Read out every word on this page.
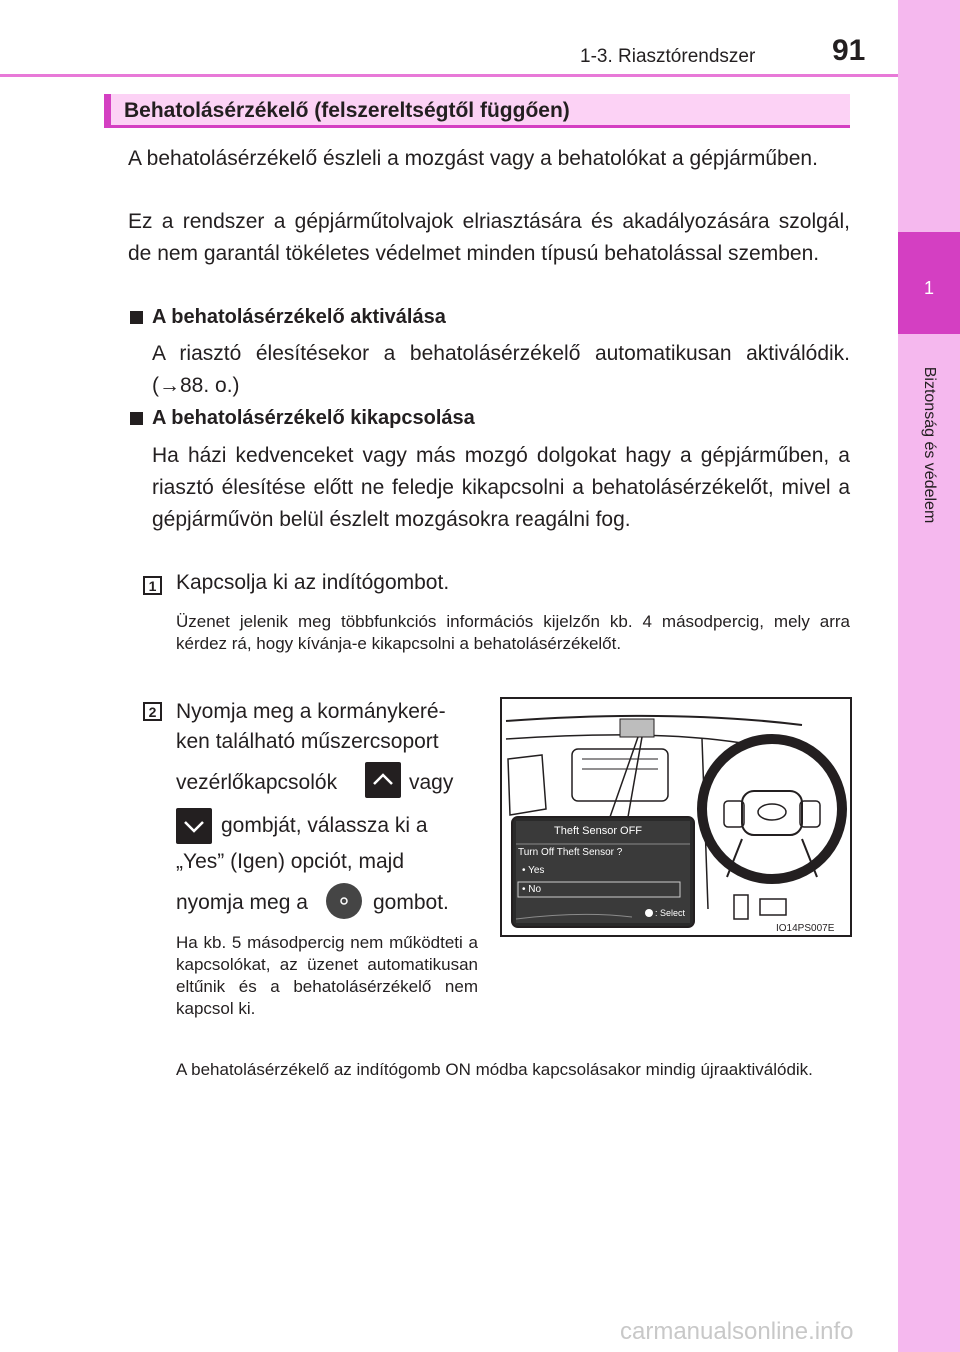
1-3. Riasztórendszer	91
1
Biztonság és védelem
Behatolásérzékelő (felszereltségtől függően)
A behatolásérzékelő észleli a mozgást vagy a behatolókat a gépjárműben.
Ez a rendszer a gépjárműtolvajok elriasztására és akadályozására szolgál, de nem garantál tökéletes védelmet minden típusú behatolással szemben.
A behatolásérzékelő aktiválása
A riasztó élesítésekor a behatolásérzékelő automatikusan aktiválódik. (→88. o.)
A behatolásérzékelő kikapcsolása
Ha házi kedvenceket vagy más mozgó dolgokat hagy a gépjárműben, a riasztó élesítése előtt ne feledje kikapcsolni a behatolásérzékelőt, mivel a gépjárművön belül észlelt mozgásokra reagálni fog.
1 Kapcsolja ki az indítógombot.
Üzenet jelenik meg többfunkciós információs kijelzőn kb. 4 másodpercig, mely arra kérdez rá, hogy kívánja-e kikapcsolni a behatolásérzékelőt.
2 Nyomja meg a kormánykeré-
ken található műszercsoport
vezérlőkapcsolók	vagy
gombját, válassza ki a
„Yes” (Igen) opciót, majd
nyomja meg a	gombot.
Ha kb. 5 másodpercig nem működteti a kapcsolókat, az üzenet automatikusan eltűnik és a behatolásérzékelő nem kapcsol ki.
Theft Sensor OFF
Turn Off Theft Sensor ?
• Yes
• No
: Select
IO14PS007E
A behatolásérzékelő az indítógomb ON módba kapcsolásakor mindig újraaktiválódik.
carmanualsonline.info
